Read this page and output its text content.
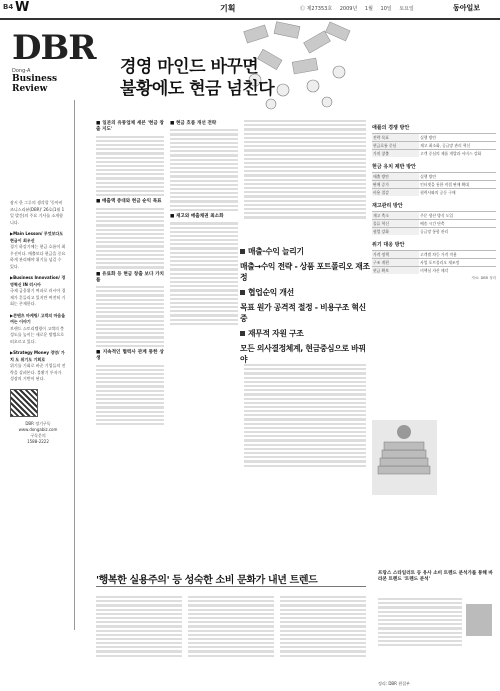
B4 W	기획	Ⓒ 제27353호 2009년 1월 10일 토요일	동아일보
DBR
Dong-A
Business Review
경영 마인드 바꾸면
불황에도 현금 넘친다
잠시 한 그루의 생각할 '동아비즈니스리뷰(DBR)' 26호(1월 1일 발간)의 주요 기사를 소개합니다.
▶Main Lesson/ 무엇보다도 현금이 최우선
경기 하강기에는 현금 흐름이 최우선이다. 매출보다 현금을 중요하게 관리해야 위기를 넘길 수 있다.
▶Business Innovation/ 경영혁신 IN 러시아
국제 금융위기 여파로 러시아 경제가 흔들리고 있지만 여전히 기회는 존재한다.
▶콘텐츠 마케팅/ 고객의 마음을 여는 이야기
브랜드 스토리텔링이 고객의 충성도를 높이는 새로운 방법으로 떠오르고 있다.
▶Strategy Money 경영/ 가치 도 위기도 기회로
위기를 기회로 바꾼 기업들의 전략을 살펴본다. 불황기 투자가 성장의 기반이 된다.
DBR 정기구독
www.dongabiz.com
구독문의
1588-2222
■ 일본의 유통업체 세븐 '현금 창출 지도'
■ 매출액 증대와 현금 순익 목표
■ 유료화 등 현금 창출 보다 가치를
■ 지속적인 협력사 관계 통한 상생
■ 현금 흐름 개선 전략
■ 재고와 매출채권 최소화
매출·수익 늘리기
매출→수익 전략 - 상품 포트폴리오 재조정
협업순익 개선
목표 원가 공격적 절정 - 비용구조 혁신중
재무적 자원 구조
모든 의사결정체계, 현금중심으로 바꿔야
애플의 경쟁 방안
전략 목표	실행 방안
현금흐름 중심	재고 최소화, 공급망 관리 혁신
가치 창출	고객 중심의 제품 개발과 서비스 강화
현금 유치 제반 방안
매출 방안	실행 방안
판매 증가	인터넷을 통한 직접 판매 확대
비용 절감	협력사와의 공동 구매
재고관리 방안
재고 축소	주문 생산 방식 도입
물류 혁신	배송 시간 단축
협업 강화	공급망 통합 관리
위기 대응 방안
가격 정책	고객별 차등 가격 적용
구조 개편	사업 포트폴리오 재조정
현금 확보	비핵심 자산 매각
자료: DBR 정리
'행복한 실용주의' 등 성숙한 소비 문화가 내년 트렌드
프랑스 스타일러트 등 유사 소비 트렌드 분석가를 통해 바라본 트렌드 '트렌드 분석'
정리: DBR 편집부
